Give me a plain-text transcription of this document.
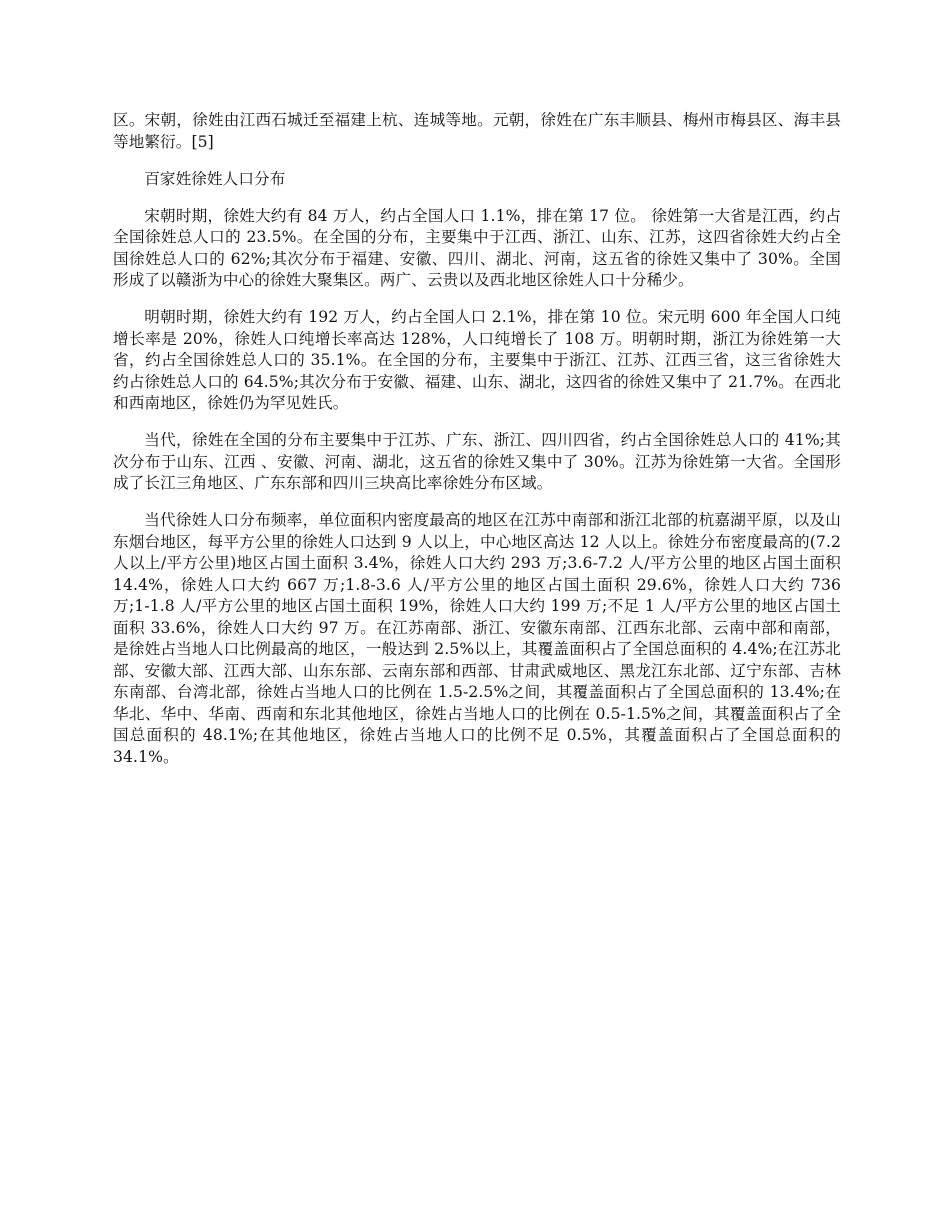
区。宋朝，徐姓由江西石城迁至福建上杭、连城等地。元朝，徐姓在广东丰顺县、梅州市梅县区、海丰县等地繁衍。[5]

百家姓徐姓人口分布

宋朝时期，徐姓大约有 84 万人，约占全国人口 1.1%，排在第 17 位。 徐姓第一大省是江西，约占全国徐姓总人口的 23.5%。在全国的分布，主要集中于江西、浙江、山东、江苏，这四省徐姓大约占全国徐姓总人口的 62%;其次分布于福建、安徽、四川、湖北、河南，这五省的徐姓又集中了 30%。全国形成了以赣浙为中心的徐姓大聚集区。两广、云贵以及西北地区徐姓人口十分稀少。

明朝时期，徐姓大约有 192 万人，约占全国人口 2.1%，排在第 10 位。宋元明 600 年全国人口纯增长率是 20%，徐姓人口纯增长率高达 128%，人口纯增长了 108 万。明朝时期，浙江为徐姓第一大省，约占全国徐姓总人口的 35.1%。在全国的分布，主要集中于浙江、江苏、江西三省，这三省徐姓大约占徐姓总人口的 64.5%;其次分布于安徽、福建、山东、湖北，这四省的徐姓又集中了 21.7%。在西北和西南地区，徐姓仍为罕见姓氏。

当代，徐姓在全国的分布主要集中于江苏、广东、浙江、四川四省，约占全国徐姓总人口的 41%;其次分布于山东、江西 、安徽、河南、湖北，这五省的徐姓又集中了 30%。江苏为徐姓第一大省。全国形成了长江三角地区、广东东部和四川三块高比率徐姓分布区域。

当代徐姓人口分布频率，单位面积内密度最高的地区在江苏中南部和浙江北部的杭嘉湖平原，以及山东烟台地区，每平方公里的徐姓人口达到 9 人以上，中心地区高达 12 人以上。徐姓分布密度最高的(7.2 人以上/平方公里)地区占国土面积 3.4%，徐姓人口大约 293 万;3.6-7.2 人/平方公里的地区占国土面积 14.4%，徐姓人口大约 667 万;1.8-3.6 人/平方公里的地区占国土面积 29.6%，徐姓人口大约 736 万;1-1.8 人/平方公里的地区占国土面积 19%，徐姓人口大约 199 万;不足 1 人/平方公里的地区占国土面积 33.6%，徐姓人口大约 97 万。在江苏南部、浙江、安徽东南部、江西东北部、云南中部和南部，是徐姓占当地人口比例最高的地区，一般达到 2.5%以上，其覆盖面积占了全国总面积的 4.4%;在江苏北部、安徽大部、江西大部、山东东部、云南东部和西部、甘肃武威地区、黑龙江东北部、辽宁东部、吉林东南部、台湾北部，徐姓占当地人口的比例在 1.5-2.5%之间，其覆盖面积占了全国总面积的 13.4%;在华北、华中、华南、西南和东北其他地区，徐姓占当地人口的比例在 0.5-1.5%之间，其覆盖面积占了全国总面积的 48.1%;在其他地区，徐姓占当地人口的比例不足 0.5%，其覆盖面积占了全国总面积的 34.1%。
